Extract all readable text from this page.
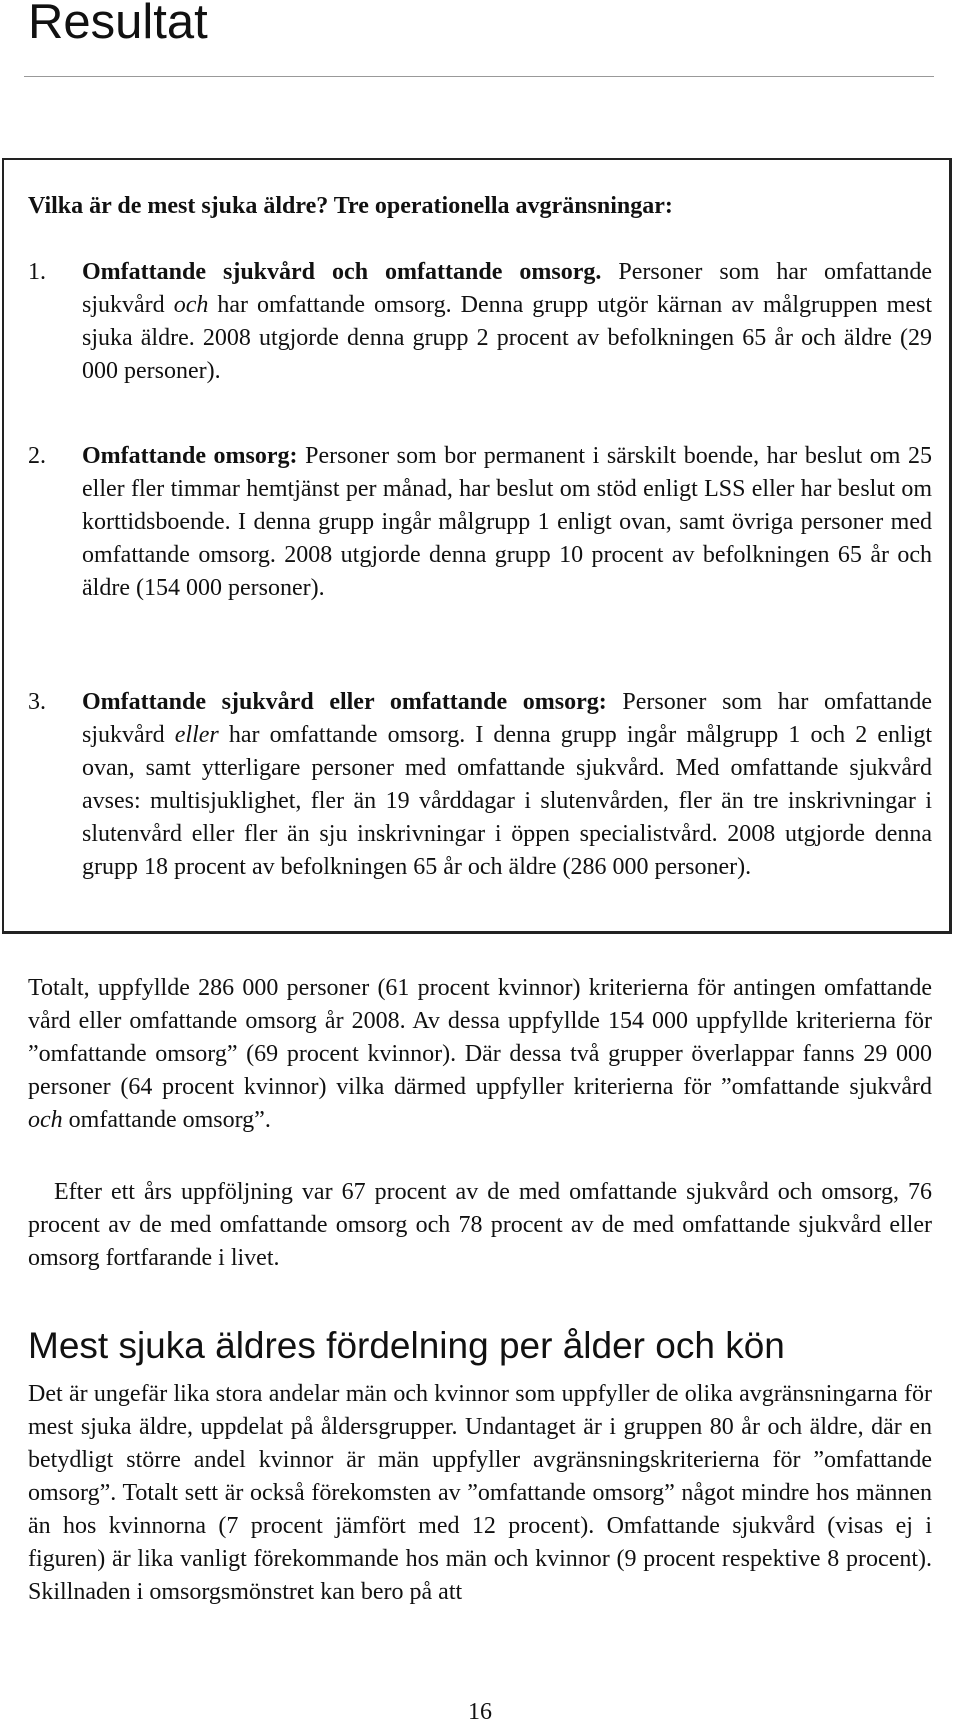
Resultat

Vilka är de mest sjuka äldre? Tre operationella avgränsningar:

1. Omfattande sjukvård och omfattande omsorg. Personer som har omfattande sjukvård och har omfattande omsorg. Denna grupp utgör kärnan av målgruppen mest sjuka äldre. 2008 utgjorde denna grupp 2 procent av befolkningen 65 år och äldre (29 000 personer).
2. Omfattande omsorg: Personer som bor permanent i särskilt boende, har beslut om 25 eller fler timmar hemtjänst per månad, har beslut om stöd enligt LSS eller har beslut om korttidsboende. I denna grupp ingår målgrupp 1 enligt ovan, samt övriga personer med omfattande omsorg. 2008 utgjorde denna grupp 10 procent av befolkningen 65 år och äldre (154 000 personer).
3. Omfattande sjukvård eller omfattande omsorg: Personer som har omfattande sjukvård eller har omfattande omsorg. I denna grupp ingår målgrupp 1 och 2 enligt ovan, samt ytterligare personer med omfattande sjukvård. Med omfattande sjukvård avses: multisjuklighet, fler än 19 vårddagar i slutenvården, fler än tre inskrivningar i slutenvård eller fler än sju inskrivningar i öppen specialistvård. 2008 utgjorde denna grupp 18 procent av befolkningen 65 år och äldre (286 000 personer).

Totalt, uppfyllde 286 000 personer (61 procent kvinnor) kriterierna för antingen omfattande vård eller omfattande omsorg år 2008. Av dessa uppfyllde 154 000 uppfyllde kriterierna för ”omfattande omsorg” (69 procent kvinnor). Där dessa två grupper överlappar fanns 29 000 personer (64 procent kvinnor) vilka därmed uppfyller kriterierna för ”omfattande sjukvård och omfattande omsorg”.

Efter ett års uppföljning var 67 procent av de med omfattande sjukvård och omsorg, 76 procent av de med omfattande omsorg och 78 procent av de med omfattande sjukvård eller omsorg fortfarande i livet.

Mest sjuka äldres fördelning per ålder och kön

Det är ungefär lika stora andelar män och kvinnor som uppfyller de olika avgränsningarna för mest sjuka äldre, uppdelat på åldersgrupper. Undantaget är i gruppen 80 år och äldre, där en betydligt större andel kvinnor är män uppfyller avgränsningskriterierna för ”omfattande omsorg”. Totalt sett är också förekomsten av ”omfattande omsorg” något mindre hos männen än hos kvinnorna (7 procent jämfört med 12 procent). Omfattande sjukvård (visas ej i figuren) är lika vanligt förekommande hos män och kvinnor (9 procent respektive 8 procent). Skillnaden i omsorgsmönstret kan bero på att

16
